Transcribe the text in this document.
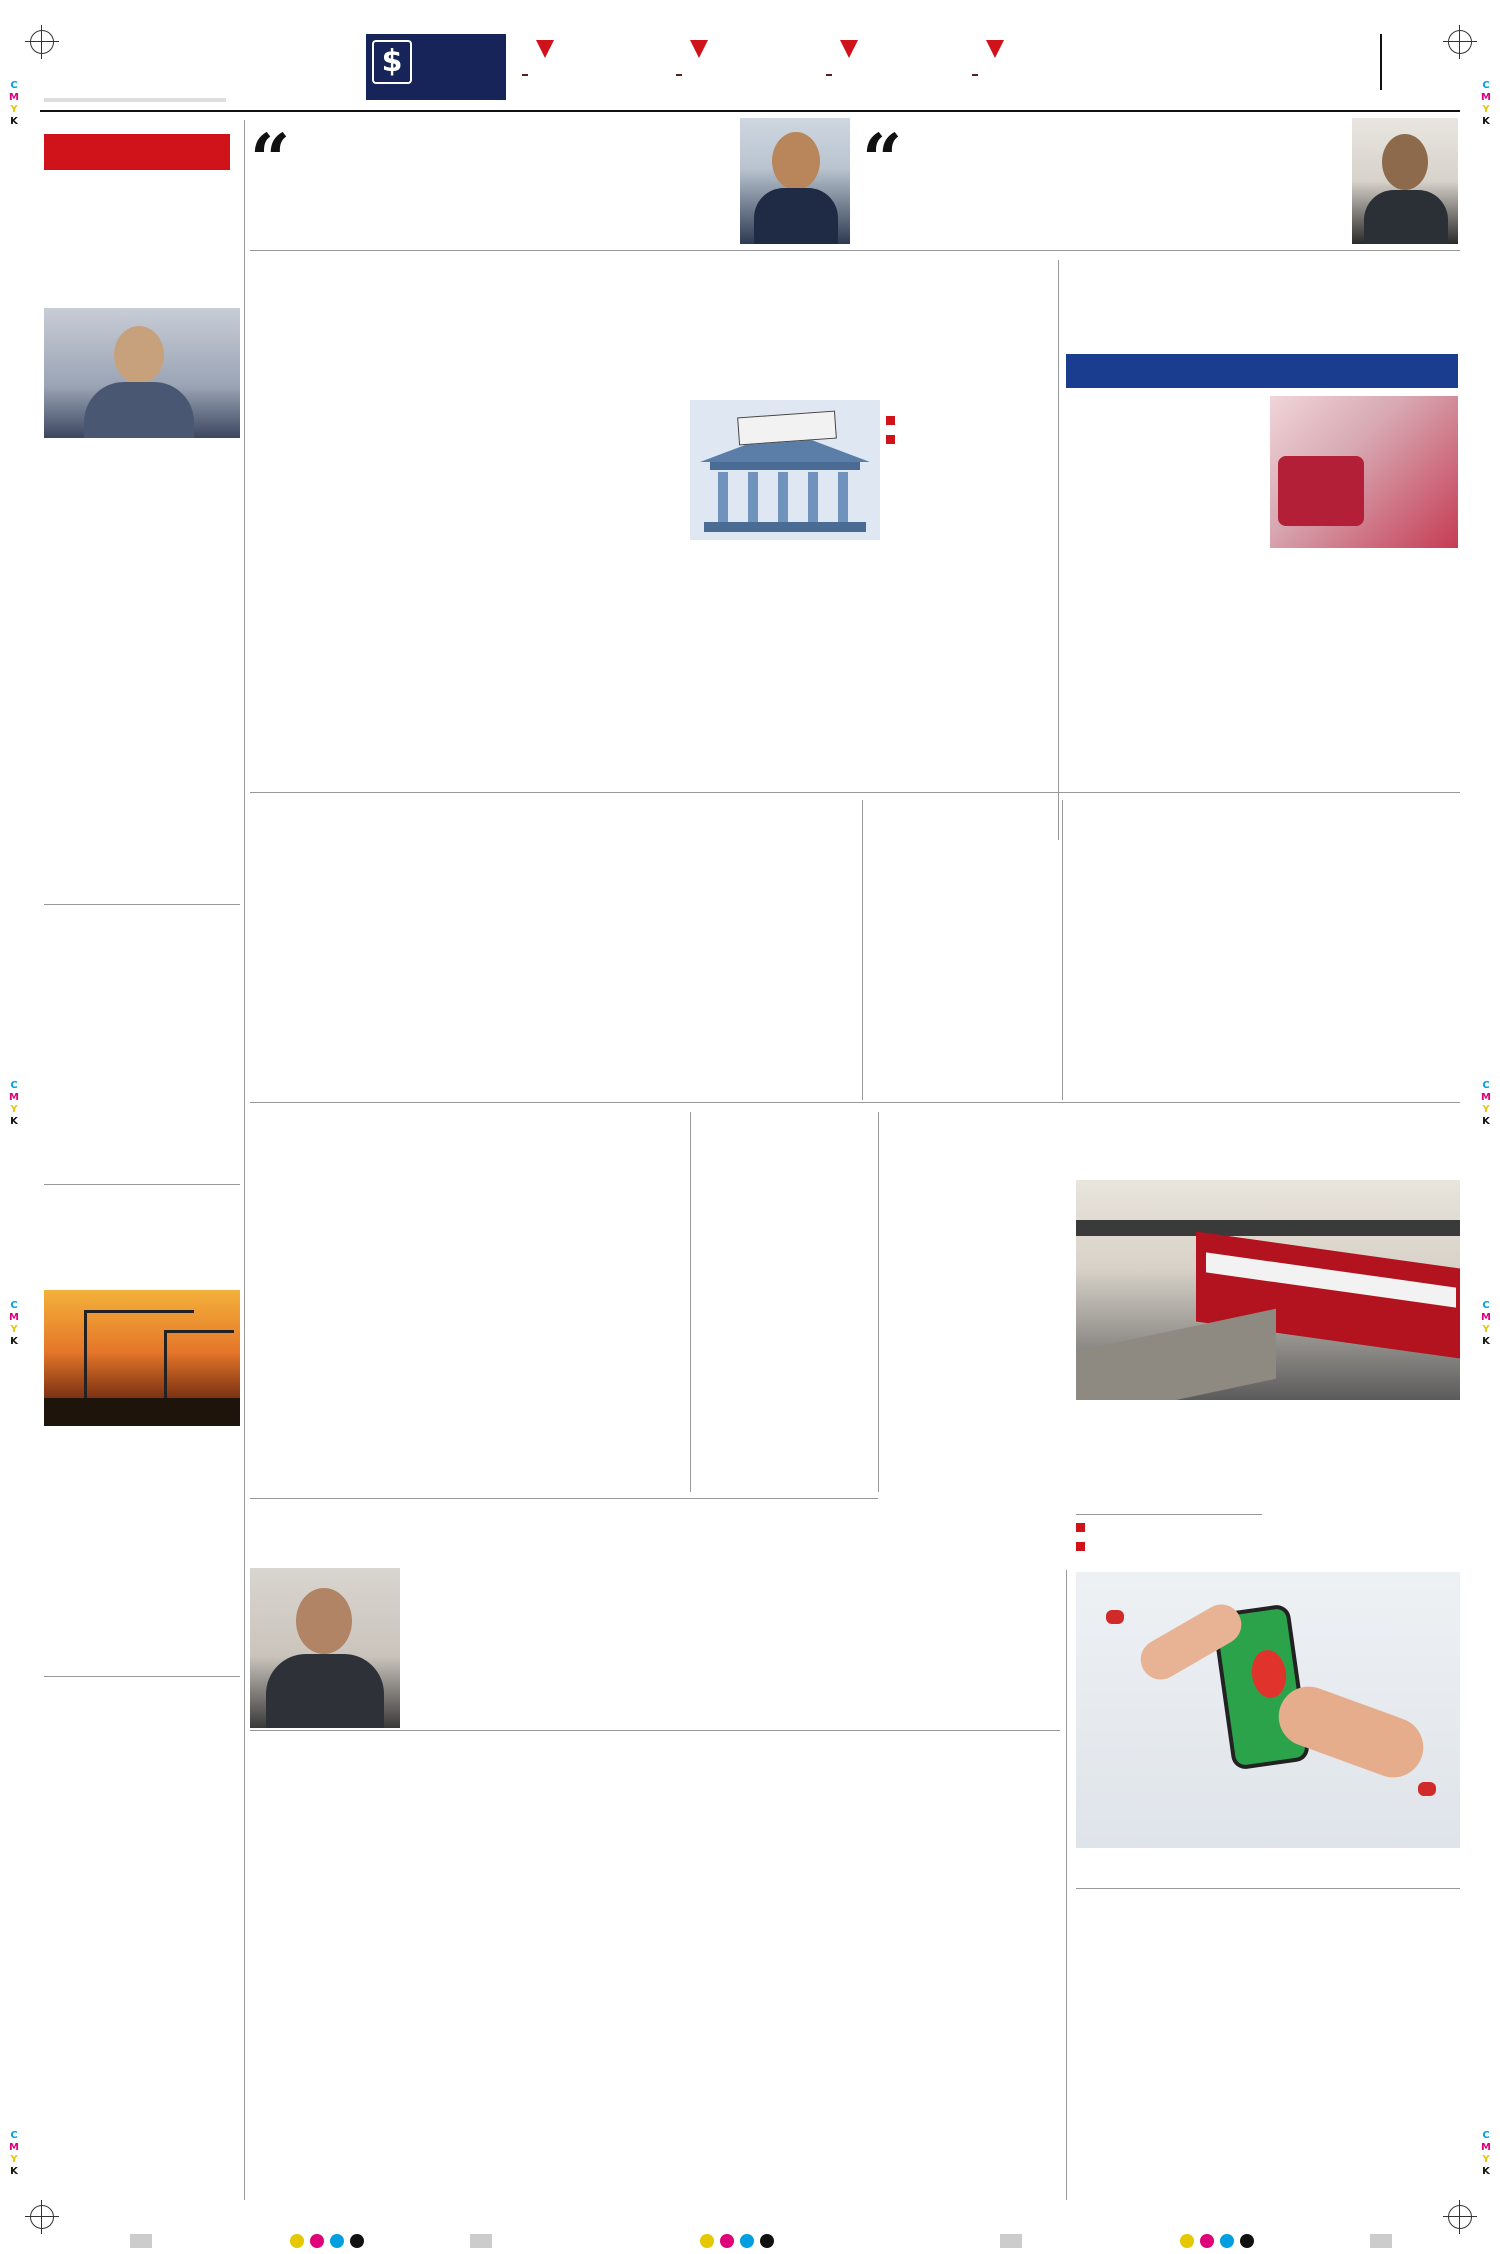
C
M
Y
K
C
M
Y
K
C
M
Y
K
C
M
Y
K
C
M
Y
K
C
M
Y
K
C
M
Y
K
C
M
Y
K
$
“	“
